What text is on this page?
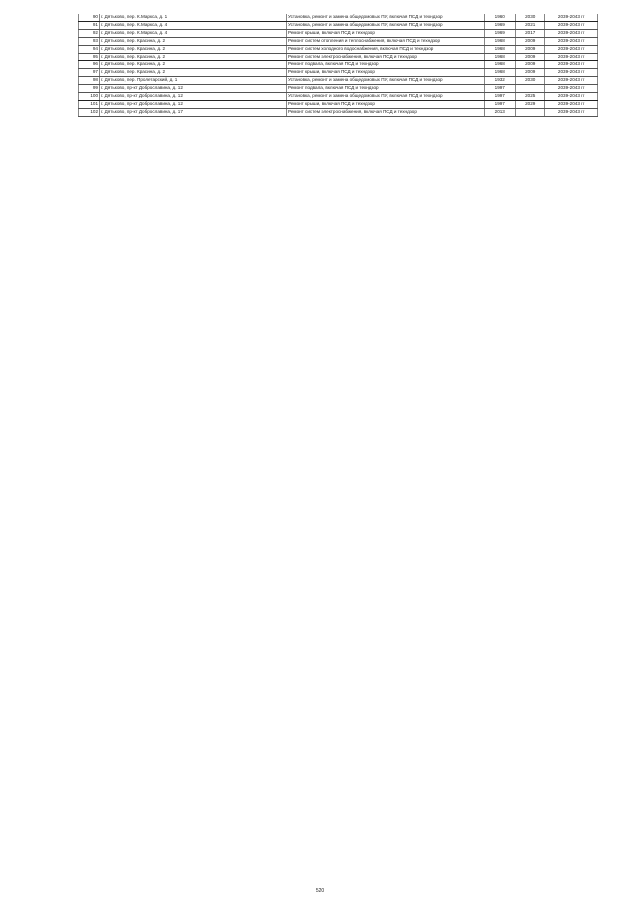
90	г. Дятьково, пер. К.Маркса, д. 1	Установка, ремонт и замена общедомовых ПУ, включая ПСД и техндзор	1960	2030	2039-2043 гг
91	г. Дятьково, пер. К.Маркса, д. 4	Установка, ремонт и замена общедомовых ПУ, включая ПСД и техндзор	1969	2021	2039-2043 гг
92	г. Дятьково, пер. К.Маркса, д. 4	Ремонт крыши, включая ПСД и техндзор	1969	2017	2039-2043 гг
93	г. Дятьково, пер. Красина, д. 2	Ремонт систем отопления и теплоснабжения, включая ПСД и техндзор	1968	2009	2039-2043 гг
94	г. Дятьково, пер. Красина, д. 2	Ремонт систем холодного водоснабжения, включая ПСД и техндзор	1968	2009	2039-2043 гг
95	г. Дятьково, пер. Красина, д. 2	Ремонт систем электроснабжения, включая ПСД и техндзор	1968	2009	2039-2043 гг
96	г. Дятьково, пер. Красина, д. 2	Ремонт подвала, включая ПСД и техндзор	1968	2009	2039-2043 гг
97	г. Дятьково, пер. Красина, д. 2	Ремонт крыши, включая ПСД и техндзор	1968	2009	2039-2043 гг
98	г. Дятьково, пер. Пролетарский, д. 1	Установка, ремонт и замена общедомовых ПУ, включая ПСД и техндзор	1932	2030	2039-2043 гг
99	г. Дятьково, пр-кт Доброславина, д. 12	Ремонт подвала, включая ПСД и техндзор	1997		2039-2043 гг
100	г. Дятьково, пр-кт Доброславина, д. 12	Установка, ремонт и замена общедомовых ПУ, включая ПСД и техндзор	1997	2025	2039-2043 гг
101	г. Дятьково, пр-кт Доброславина, д. 12	Ремонт крыши, включая ПСД и техндзор	1997	2029	2039-2043 гг
102	г. Дятьково, пр-кт Доброславина, д. 17	Ремонт систем электроснабжения, включая ПСД и техндзор	2013		2039-2043 гг
520
